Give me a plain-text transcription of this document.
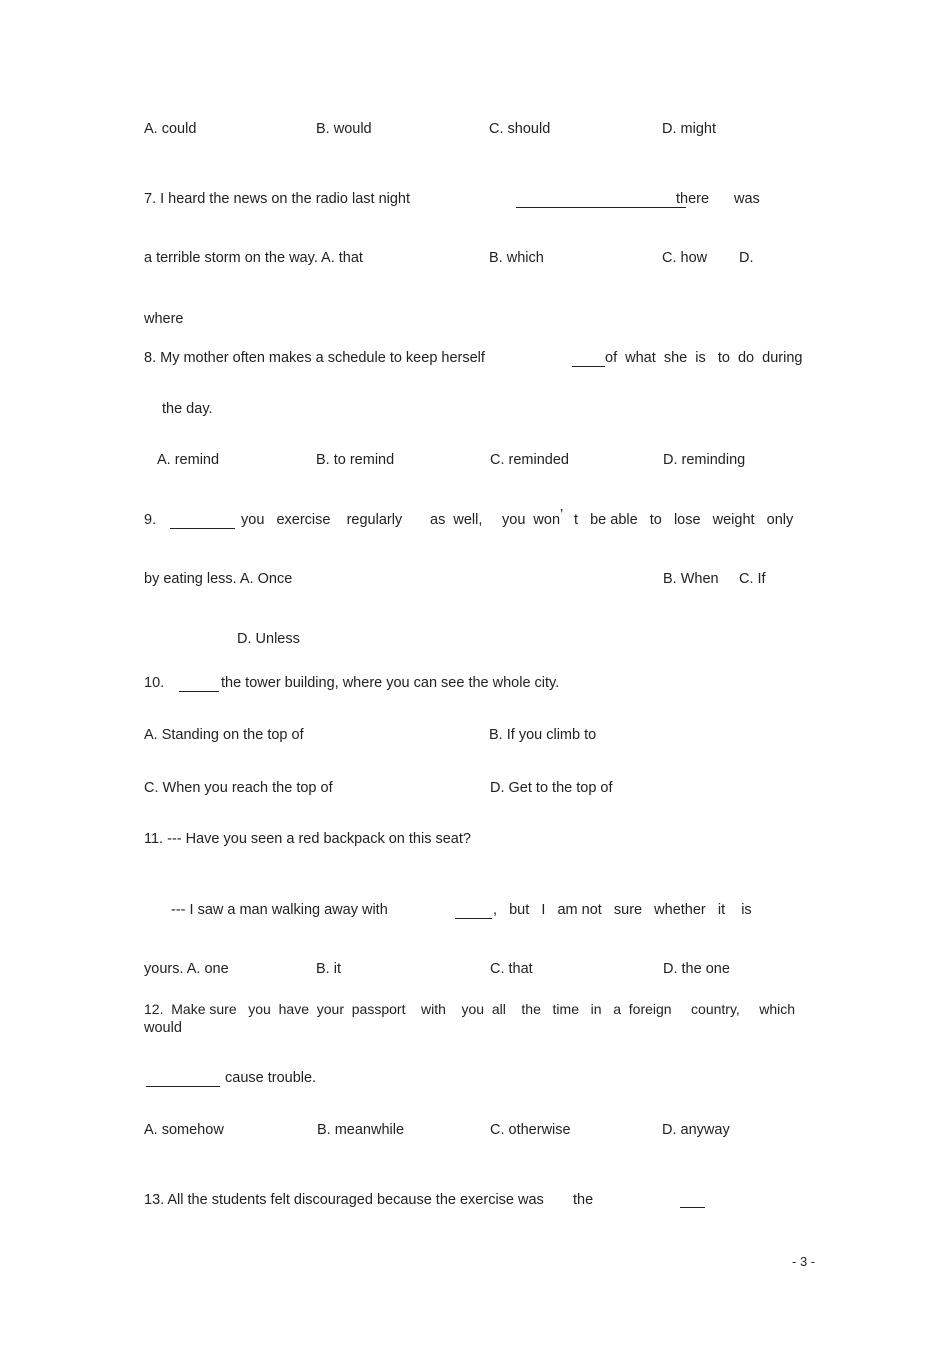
A. could	B. would	C. should	D. might
7. I heard the news on the radio last night	there was
a terrible storm on the way. A. that	B. which	C. how D.
where
8. My mother often makes a schedule to keep herself	of  what  she  is   to  do  during
the day.
A. remind	B. to remind	C. reminded	D. reminding
9.	you   exercise    regularly as  well, you  won ’ t   be able   to   lose   weight   only
by eating less. A. Once	B. When C. If
D. Unless
10.	the tower building, where you can see the whole city.
A. Standing on the top of	B. If you climb to
C. When you reach the top of	D. Get to the top of
11. --- Have you seen a red backpack on this seat?
--- I saw a man walking away with	,   but   I   am not   sure   whether   it    is
yours. A. one	B. it	C. that	D. the one
12.  Make sure   you  have  your  passport    with    you  all    the   time   in   a  foreign     country,     which
would
cause trouble.
A. somehow	B. meanwhile	C. otherwise	D. anyway
13. All the students felt discouraged because the exercise was the
- 3 -
